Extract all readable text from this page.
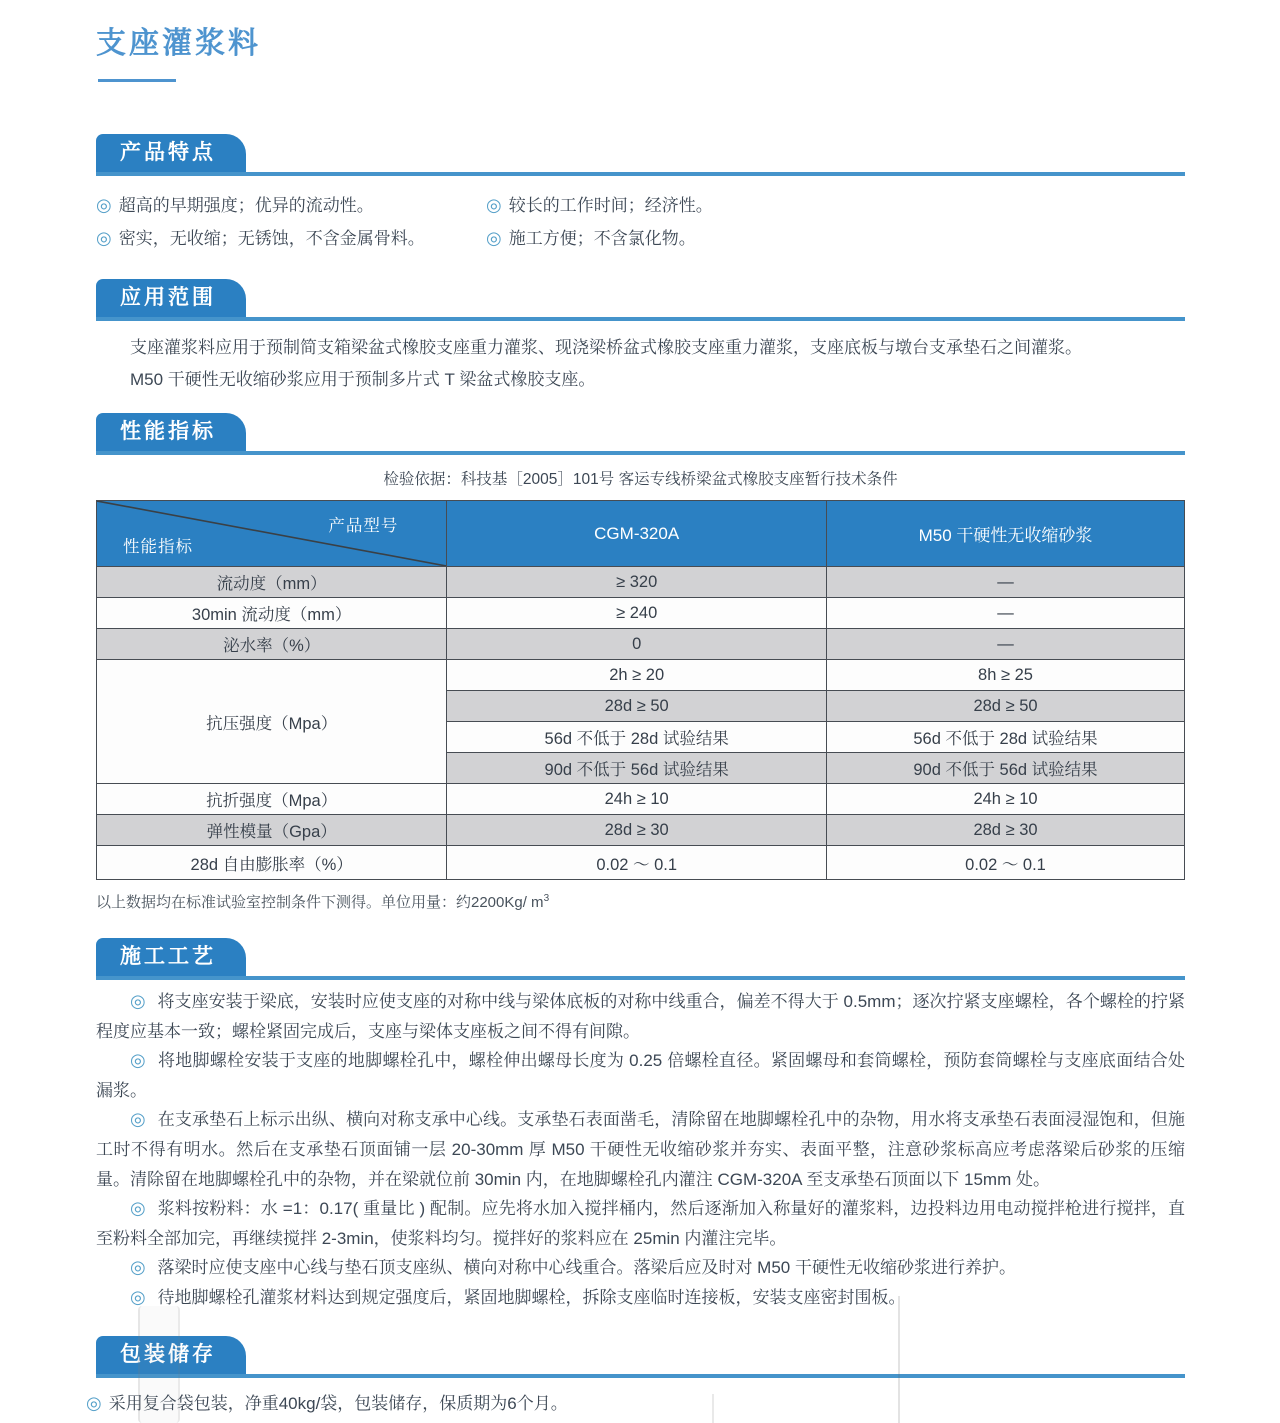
支座灌浆料
产品特点
◎ 超高的早期强度；优异的流动性。
◎ 密实，无收缩；无锈蚀，不含金属骨料。
◎ 较长的工作时间；经济性。
◎ 施工方便；不含氯化物。
应用范围

支座灌浆料应用于预制简支箱梁盆式橡胶支座重力灌浆、现浇梁桥盆式橡胶支座重力灌浆，支座底板与墩台支承垫石之间灌浆。

M50 干硬性无收缩砂浆应用于预制多片式 T 梁盆式橡胶支座。

性能指标
检验依据：科技基［2005］101号 客运专线桥梁盆式橡胶支座暂行技术条件
产品型号
性能指标	CGM-320A	M50 干硬性无收缩砂浆
流动度（mm）	≥ 320	—
30min 流动度（mm）	≥ 240	—
泌水率（%）	0	—
抗压强度（Mpa）	2h ≥ 20	8h ≥ 25
	28d ≥ 50	28d ≥ 50
	56d 不低于 28d 试验结果	56d 不低于 28d 试验结果
	90d 不低于 56d 试验结果	90d 不低于 56d 试验结果
抗折强度（Mpa）	24h ≥ 10	24h ≥ 10
弹性模量（Gpa）	28d ≥ 30	28d ≥ 30
28d 自由膨胀率（%）	0.02 ～ 0.1	0.02 ～ 0.1
以上数据均在标准试验室控制条件下测得。单位用量：约2200Kg/ $m^3$
施工工艺

◎ 将支座安装于梁底，安装时应使支座的对称中线与梁体底板的对称中线重合，偏差不得大于 0.5mm；逐次拧紧支座螺栓，各个螺栓的拧紧程度应基本一致；螺栓紧固完成后，支座与梁体支座板之间不得有间隙。

◎ 将地脚螺栓安装于支座的地脚螺栓孔中，螺栓伸出螺母长度为 0.25 倍螺栓直径。紧固螺母和套筒螺栓，预防套筒螺栓与支座底面结合处漏浆。

◎ 在支承垫石上标示出纵、横向对称支承中心线。支承垫石表面凿毛，清除留在地脚螺栓孔中的杂物，用水将支承垫石表面浸湿饱和，但施工时不得有明水。然后在支承垫石顶面铺一层 20-30mm 厚 M50 干硬性无收缩砂浆并夯实、表面平整，注意砂浆标高应考虑落梁后砂浆的压缩量。清除留在地脚螺栓孔中的杂物，并在梁就位前 30min 内，在地脚螺栓孔内灌注 CGM-320A 至支承垫石顶面以下 15mm 处。

◎ 浆料按粉料：水 =1：0.17( 重量比 ) 配制。应先将水加入搅拌桶内，然后逐渐加入称量好的灌浆料，边投料边用电动搅拌枪进行搅拌，直至粉料全部加完，再继续搅拌 2-3min，使浆料均匀。搅拌好的浆料应在 25min 内灌注完毕。

◎ 落梁时应使支座中心线与垫石顶支座纵、横向对称中心线重合。落梁后应及时对 M50 干硬性无收缩砂浆进行养护。

◎ 待地脚螺栓孔灌浆材料达到规定强度后，紧固地脚螺栓，拆除支座临时连接板，安装支座密封围板。

包装储存
◎ 采用复合袋包装，净重40kg/袋，包装储存，保质期为6个月。
